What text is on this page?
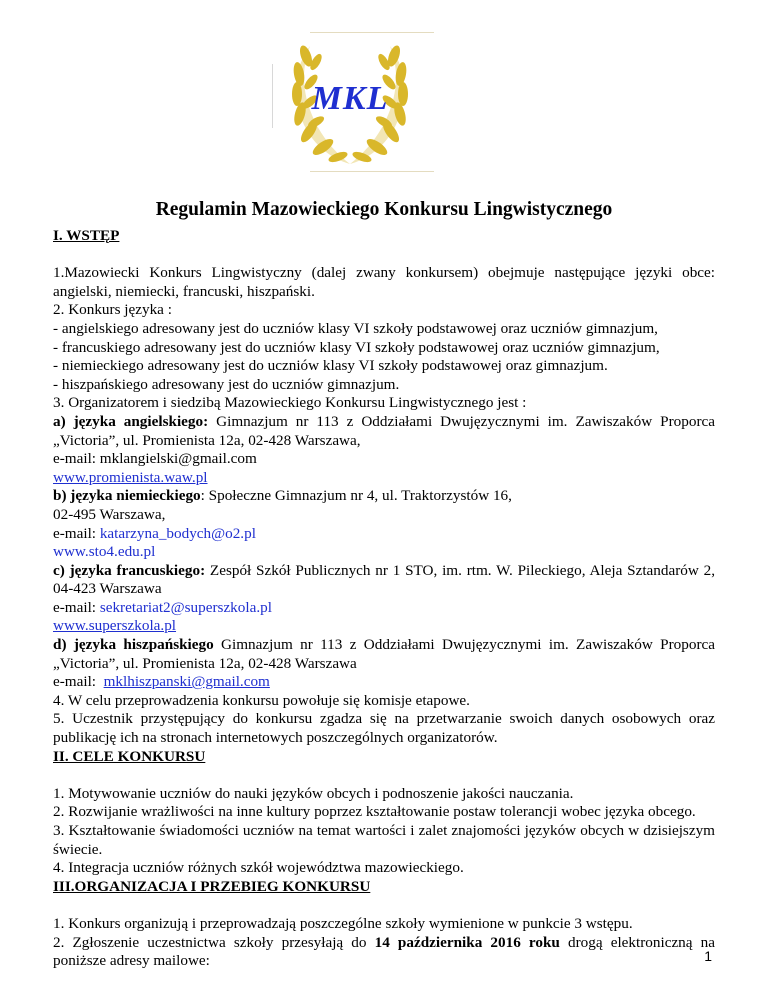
MKL
Regulamin Mazowieckiego Konkursu Lingwistycznego

I. WSTĘP

1.Mazowiecki Konkurs Lingwistyczny (dalej zwany konkursem) obejmuje następujące języki obce: angielski, niemiecki, francuski, hiszpański.

2. Konkurs języka :

- angielskiego adresowany jest do uczniów klasy VI szkoły podstawowej oraz uczniów gimnazjum,

- francuskiego adresowany jest do uczniów klasy VI szkoły podstawowej oraz uczniów gimnazjum,

- niemieckiego adresowany jest do uczniów klasy VI szkoły podstawowej oraz gimnazjum.

- hiszpańskiego adresowany jest do uczniów gimnazjum.

3. Organizatorem i siedzibą Mazowieckiego Konkursu Lingwistycznego jest :

a) języka angielskiego: Gimnazjum nr 113 z Oddziałami Dwujęzycznymi im. Zawiszaków Proporca „Victoria”, ul. Promienista 12a, 02-428 Warszawa,

e-mail: mklangielski@gmail.com

www.promienista.waw.pl

b) języka niemieckiego: Społeczne Gimnazjum nr 4, ul. Traktorzystów 16,

02-495 Warszawa,

e-mail: katarzyna_bodych@o2.pl

www.sto4.edu.pl

c) języka francuskiego: Zespół Szkół Publicznych nr 1 STO, im. rtm. W. Pileckiego, Aleja Sztandarów 2, 04-423 Warszawa

e-mail: sekretariat2@superszkola.pl

www.superszkola.pl

d) języka hiszpańskiego Gimnazjum nr 113 z Oddziałami Dwujęzycznymi im. Zawiszaków Proporca „Victoria”, ul. Promienista 12a, 02-428 Warszawa

e-mail:  mklhiszpanski@gmail.com

4. W celu przeprowadzenia konkursu powołuje się komisje etapowe.

5. Uczestnik przystępujący do konkursu zgadza się na przetwarzanie swoich danych osobowych oraz publikację ich na stronach internetowych poszczególnych organizatorów.

II. CELE KONKURSU

1. Motywowanie uczniów do nauki języków obcych i podnoszenie jakości nauczania.

2. Rozwijanie wrażliwości na inne kultury poprzez kształtowanie postaw tolerancji wobec języka obcego.

3. Kształtowanie świadomości uczniów na temat wartości i zalet znajomości języków obcych w dzisiejszym świecie.

4. Integracja uczniów różnych szkół województwa mazowieckiego.

III.ORGANIZACJA I PRZEBIEG KONKURSU

1. Konkurs organizują i przeprowadzają poszczególne szkoły wymienione w punkcie 3 wstępu.

2. Zgłoszenie uczestnictwa szkoły przesyłają do 14 października 2016 roku drogą elektroniczną na poniższe adresy mailowe:	1
